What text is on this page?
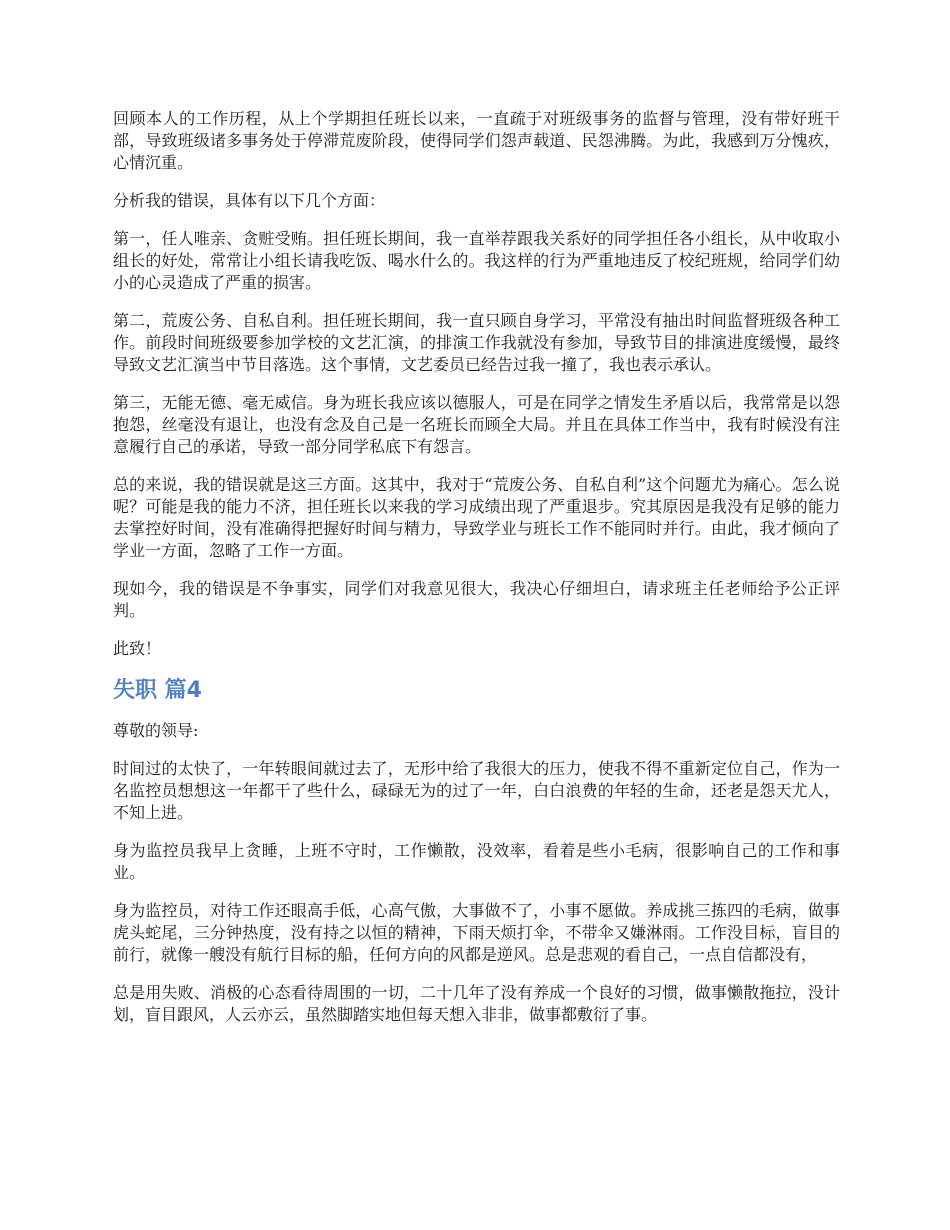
回顾本人的工作历程，从上个学期担任班长以来，一直疏于对班级事务的监督与管理，没有带好班干部，导致班级诸多事务处于停滞荒废阶段，使得同学们怨声载道、民怨沸腾。为此，我感到万分愧疚，心情沉重。

分析我的错误，具体有以下几个方面：

第一，任人唯亲、贪赃受贿。担任班长期间，我一直举荐跟我关系好的同学担任各小组长，从中收取小组长的好处，常常让小组长请我吃饭、喝水什么的。我这样的行为严重地违反了校纪班规，给同学们幼小的心灵造成了严重的损害。

第二，荒废公务、自私自利。担任班长期间，我一直只顾自身学习，平常没有抽出时间监督班级各种工作。前段时间班级要参加学校的文艺汇演，的排演工作我就没有参加，导致节目的排演进度缓慢，最终导致文艺汇演当中节目落选。这个事情，文艺委员已经告过我一撞了，我也表示承认。

第三，无能无德、毫无威信。身为班长我应该以德服人，可是在同学之情发生矛盾以后，我常常是以怨抱怨，丝毫没有退让，也没有念及自己是一名班长而顾全大局。并且在具体工作当中，我有时候没有注意履行自己的承诺，导致一部分同学私底下有怨言。

总的来说，我的错误就是这三方面。这其中，我对于“荒废公务、自私自利”这个问题尤为痛心。怎么说呢？可能是我的能力不济，担任班长以来我的学习成绩出现了严重退步。究其原因是我没有足够的能力去掌控好时间，没有准确得把握好时间与精力，导致学业与班长工作不能同时并行。由此，我才倾向了学业一方面，忽略了工作一方面。

现如今，我的错误是不争事实，同学们对我意见很大，我决心仔细坦白，请求班主任老师给予公正评判。

此致！

失职 篇4

尊敬的领导:

时间过的太快了，一年转眼间就过去了，无形中给了我很大的压力，使我不得不重新定位自己，作为一名监控员想想这一年都干了些什么，碌碌无为的过了一年，白白浪费的年轻的生命，还老是怨天尤人，不知上进。

身为监控员我早上贪睡，上班不守时，工作懒散，没效率，看着是些小毛病，很影响自己的工作和事业。

身为监控员，对待工作还眼高手低，心高气傲，大事做不了，小事不愿做。养成挑三拣四的毛病，做事虎头蛇尾，三分钟热度，没有持之以恒的精神，下雨天烦打伞，不带伞又嫌淋雨。工作没目标，盲目的前行，就像一艘没有航行目标的船，任何方向的风都是逆风。总是悲观的看自己，一点自信都没有，

总是用失败、消极的心态看待周围的一切，二十几年了没有养成一个良好的习惯，做事懒散拖拉，没计划，盲目跟风，人云亦云，虽然脚踏实地但每天想入非非，做事都敷衍了事。
